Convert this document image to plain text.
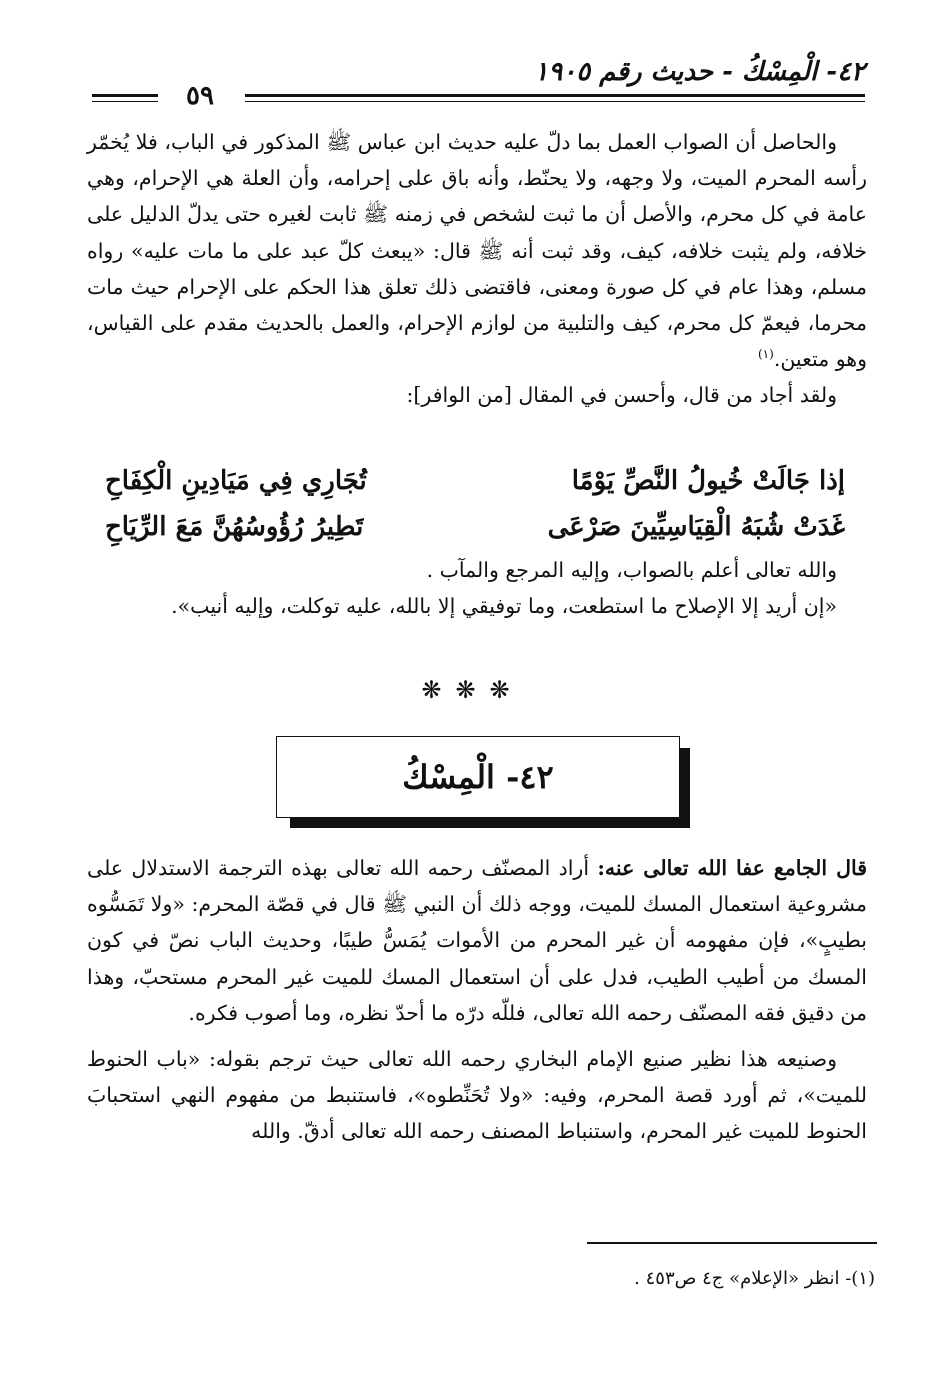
٤٢- الْمِسْكُ - حديث رقم ١٩٠٥
٥٩

والحاصل أن الصواب العمل بما دلّ عليه حديث ابن عباس ﷺ المذكور في الباب، فلا يُخمّر رأسه المحرم الميت، ولا وجهه، ولا يحنّط، وأنه باق على إحرامه، وأن العلة هي الإحرام، وهي عامة في كل محرم، والأصل أن ما ثبت لشخص في زمنه ﷺ ثابت لغيره حتى يدلّ الدليل على خلافه، ولم يثبت خلافه، كيف، وقد ثبت أنه ﷺ قال: «يبعث كلّ عبد على ما مات عليه» رواه مسلم، وهذا عام في كل صورة ومعنى، فاقتضى ذلك تعلق هذا الحكم على الإحرام حيث مات محرما، فيعمّ كل محرم، كيف والتلبية من لوازم الإحرام، والعمل بالحديث مقدم على القياس، وهو متعين.$^{(١)}$

ولقد أجاد من قال، وأحسن في المقال [من الوافر]:

إذا جَالَتْ خُيولُ النَّصِّ يَوْمًا
تُجَارِي فِي مَيَادِينِ الْكِفَاحِ
غَدَتْ شُبَهُ الْقِيَاسِيِّينَ صَرْعَى
تَطِيرُ رُؤُوسُهُنَّ مَعَ الرِّيَاحِ

والله تعالى أعلم بالصواب، وإليه المرجع والمآب .

«إن أريد إلا الإصلاح ما استطعت، وما توفيقي إلا بالله، عليه توكلت، وإليه أنيب».

❋❋❋
٤٢- الْمِسْكُ

قال الجامع عفا الله تعالى عنه: أراد المصنّف رحمه الله تعالى بهذه الترجمة الاستدلال على مشروعية استعمال المسك للميت، ووجه ذلك أن النبي ﷺ قال في قصّة المحرم: «ولا تَمَسُّوه بطيبٍ»، فإن مفهومه أن غير المحرم من الأموات يُمَسُّ طيبًا، وحديث الباب نصّ في كون المسك من أطيب الطيب، فدل على أن استعمال المسك للميت غير المحرم مستحبّ، وهذا من دقيق فقه المصنّف رحمه الله تعالى، فللّه درّه ما أحدّ نظره، وما أصوب فكره.

وصنيعه هذا نظير صنيع الإمام البخاري رحمه الله تعالى حيث ترجم بقوله: «باب الحنوط للميت»، ثم أورد قصة المحرم، وفيه: «ولا تُحَنِّطوه»، فاستنبط من مفهوم النهي استحبابَ الحنوط للميت غير المحرم، واستنباط المصنف رحمه الله تعالى أدقّ. والله

(١)- انظر «الإعلام» ج٤ ص٤٥٣ .
